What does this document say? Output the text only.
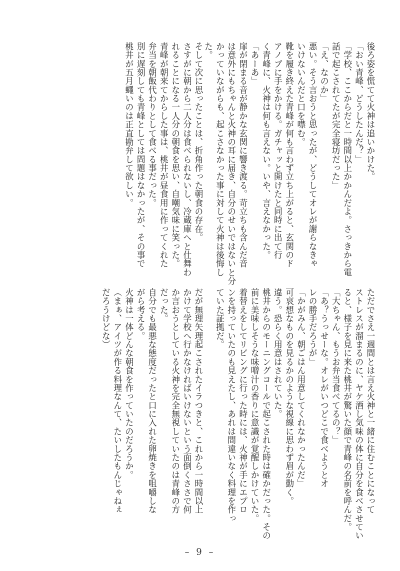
後ろ姿を慌てて火神は追いかけた。

「おい青峰、どうしたんだ？」

「学校、ここからだと一時間以上かかんだよ。さっきから電

話で起こされてたが完全寝坊だった」

「え、なのか」

悪い。そう言おうと思ったが、どうしてオレが謝らなきゃ

いけないんだと口を噤む。

靴を履き終えた青峰が何も言わず立ち上がると、玄関のド

アノブに手をかける。ガチャッと開けたと同時に出て行

く青峰に、火神は何も言えない。いや、言えなかった。

「あーあ」

扉が閉まる音が静かな玄関に響き渡る。苛立ちも含んだ音

は意外にもちゃんと火神の耳に届き、自分のせいではないと分

かっていながらも、起こさなかった事に対して火神は後悔し

た。

そして次に思ったことは、折角作った朝食の存在。

さすがに朝から二人分は食べられないし、冷蔵庫へと仕舞わ

れることになる一人分の朝食を思い、自嘲気味に笑った。

青峰が朝来てからした事は、桃井が昼食用に作ってくれた

弁当を朝飯代わりとして食べる事だった。

別に遅刻しても青峰としては問題はなかったが、その事で

桃井が五月蠅いのは正直勘弁して欲しい。

ただでさえ一週間とは言え火神と一緒に住むことになって

ストレスが溜まるのに、ヤケ酒し気味の体に自分を食べさせてい

ると、様子を見に来た桃井が驚いた顔で青峰の名前を呼んだ。

「大ちゃん、もうお弁当食べてるの？」

「あ？うっせーな。オレがいつどこで食べようとオ

レの勝手だろうが」

「かがみん、朝ごはん用意してくれなかったんだ」

可哀想なものを見るかのような視線に思わず眉が動く。

違う。恐らく用意はされていた。

桃井からのモーニングコールで起こされた時は確かだった。その

前に美味しそうな味噌汁の香りに意識が覚醒しかけていた。

着替えをしてリビングに行った時には、火神が手にエプロ

ンを持っていたのも見えたし、あれは間違いなく料理を作っ

ていた証拠だ。

だが無理矢理起こされたイラつきと、これから一時間以上

かけて学校へ行かなければいけないという面倒くささで何

か言おうとしている火神を完全無視していたのは青峰の方

だった。

自分でも最悪な態度だったと口に入れた卵焼きを咀嚼しな

がら考える。

火神は一体どんな朝食を作っていたのだろうか。

（まぁ、アイツが作る料理なんて、たいしたもんじゃねぇ

だろうけどな）

– 9 –
